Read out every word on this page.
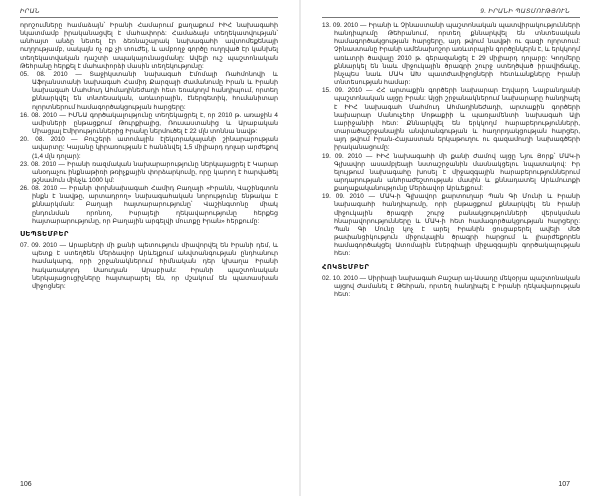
ԻՐԱՆ

որոշումները համաձայն՝ Իրանի Համարում քաղաքում ԻԻՀ նախագահի նկատմամբ իրականացվել է մահափորձ: Համաձայն տեղեկատվության՝ անհայտ անձը նետել էր ձեռնաշարակ նախագահի ավտոմեքենայի ուղղությամբ, սակայն ոչ ոք չի տուժել, և ամբողջ գործը ուղղված էր կանխել տեղեկատվական դաշտի ապակայունացմանը: Ավելի ուշ պաշտոնական Թեհրանը հերքել է մահափորձի մասին տեղեկությունը:

05. 08. 2010 — Տաջիկստանի նախագահ Էմոմալի Ռահմոնովի և Աֆղանստանի նախագահ Համիդ Քարզայի ժամանումը Իրան և Իրանի նախագահ Մահմուդ Ահմադինեժադի հետ եռակողմ հանդիպում, որտեղ քննարկվել են տնտեսական, առևտրային, էներգետիկ, հումանիտար ոլորտներում համագործակցության հարցերը:

16. 08. 2010 — ԻՄՆԱ գործակալությունը տեղեկացրել է, որ 2010 թ. առաջին 4 ամիսների ընթացքում Թուրքիայից, Ռուսաստանից և Արաբական Միացյալ Էմիրություններից Իրանը ներմուծել է 22 մլն տոննա նավթ:

20. 08. 2010 — Բուշերի ատոմային էլեկտրակայանի շինարարության ավարտը: Կայանը կիրառության է հանձնվել 1,5 միլիարդ դոլար արժեքով (1,4 մլն դոլար):

23. 08. 2010 — Իրանի ռազմական նախարարությունը ներկայացրել է Կարար անօդաչու ինքնաթիռի թռիչքային փորձարկումը, որը կարող է հարվածել թշնամուն մինչև 1000 կմ:

26. 08. 2010 — Իրանի փոխնախագահ Համիդ Բաղայի «Իրանն, Վաշինգտոն ինքն է նավթը, արտադրող» նախագահական նորությունը ենթակա է քննարկման: Բաղայի հայտարարությունը՝ Վաշինգտոնը միակ ընդունման որոնող, Իսրայելի ղեկավարությունը հերքեց հայտարարությունը, որ Բաղային արգելվի մուտքը Իրան» հերքումը:

ՍԵՊՏԵՄԲԵՐ

07. 09. 2010 — Արաբների մի քանի պետություն միավորվել են Իրանի դեմ, և պետք է ստեղծեն Մերձավոր Արևելքում անվտանգության ընդհանուր համակարգ, որի շրջանակներում հիմնական դեր կխաղա Իրանի հակառակորդ Սաուդյան Արաբիան: Իրանի պաշտոնական ներկայացուցիչները հայտարարել են, որ մշակում են պատասխան միջոցներ:

106
9. ԻՐԱՆԻ ՊԱՏՄՈՒԹՅՈՒՆ

13. 09. 2010 — Իրանի և Չինաստանի պաշտոնական պատվիրակությունների հանդիպումը Թեհրանում, որտեղ քննարկվել են տնտեսական համագործակցության հարցերը, այդ թվում նավթի ու գազի ոլորտում: Չինաստանը Իրանի ամենախոշոր առևտրային գործընկերն է, և երկկողմ առևտրի ծավալը 2010 թ. գերազանցել է 29 միլիարդ դոլարը: Կողմերը քննարկել են նաև միջուկային ծրագրի շուրջ ստեղծված իրավիճակը, ինչպես նաև ՄԱԿ ԱԽ պատժամիջոցների հետևանքները Իրանի տնտեսության համար:

15. 09. 2010 — ՀՀ արտաքին գործերի նախարար Էդվարդ Նալբանդյանի պաշտոնական այցը Իրան: Այցի շրջանակներում նախարարը հանդիպել է ԻԻՀ նախագահ Մահմուդ Ահմադինեժադի, արտաքին գործերի նախարար Մանուչեհր Մոթաքիի և պառլամենտի նախագահ Ալի Լարիջանիի հետ: Քննարկվել են երկկողմ հարաբերությունների, տարածաշրջանային անվտանգության և հաղորդակցության հարցեր, այդ թվում Իրան-Հայաստան երկաթուղու ու գազամուղի նախագծերի իրականացումը:

19. 09. 2010 — ԻԻՀ նախագահի մի քանի ժամով այցը Նյու Յորք՝ ՄԱԿ-ի Գլխավոր ասամբլեայի նստաշրջանին մասնակցելու նպատակով: Իր ելույթում նախագահը խոսել է միջազգային հարաբերություններում արդարության անհրաժեշտության մասին և քննադատել Արևմուտքի քաղաքականությունը Մերձավոր Արևելքում:

19. 09. 2010 — ՄԱԿ-ի Գլխավոր քարտուղար Պան Գի Մունի և Իրանի նախագահի հանդիպումը, որի ընթացքում քննարկվել են Իրանի միջուկային ծրագրի շուրջ բանակցությունների վերսկսման հնարավորությունները և ՄԱԿ-ի հետ համագործակցության հարցերը: Պան Գի Մունը կոչ է արել Իրանին ցուցաբերել ավելի մեծ թափանցիկություն միջուկային ծրագրի հարցում և լիարժեքորեն համագործակցել Ատոմային էներգիայի միջազգային գործակալության հետ:

ՀՈԿՏԵՄԲԵՐ

02. 10. 2010 — Սիրիայի նախագահ Բաշար ալ-Ասադը մեկօրյա պաշտոնական այցով ժամանել է Թեհրան, որտեղ հանդիպել է Իրանի ղեկավարության հետ:

107
